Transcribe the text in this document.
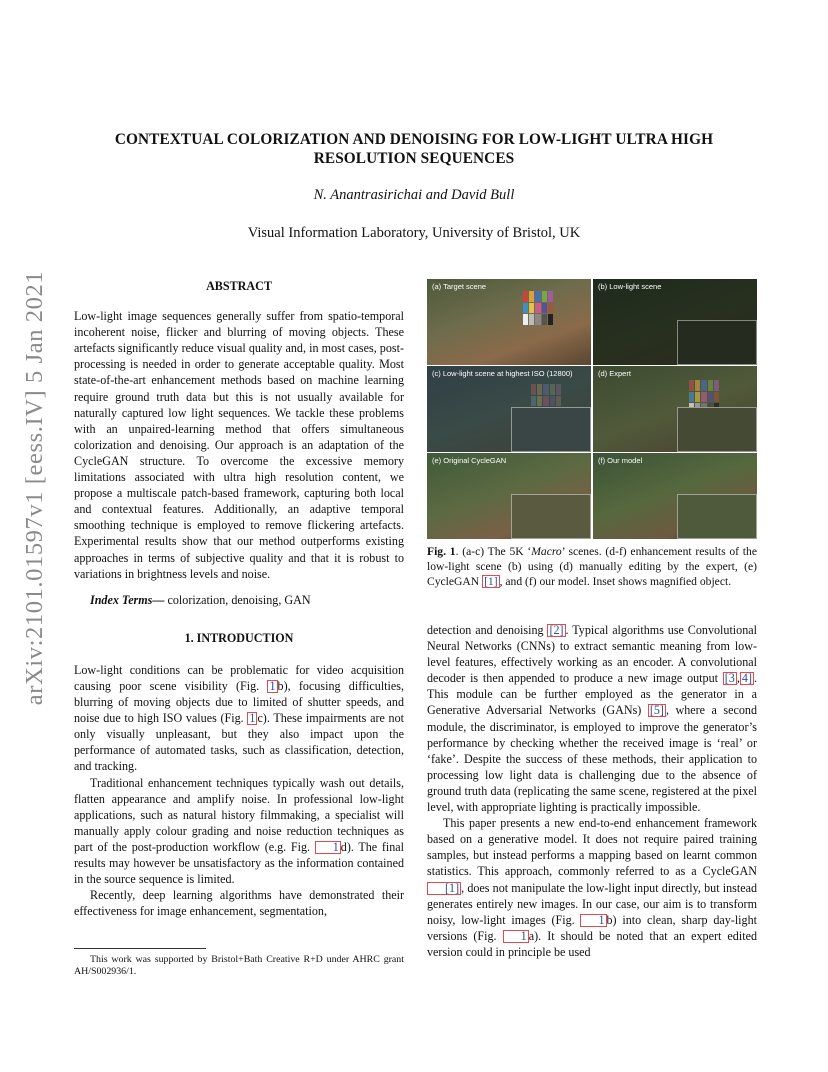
arXiv:2101.01597v1 [eess.IV] 5 Jan 2021
CONTEXTUAL COLORIZATION AND DENOISING FOR LOW-LIGHT ULTRA HIGH
RESOLUTION SEQUENCES
N. Anantrasirichai and David Bull
Visual Information Laboratory, University of Bristol, UK

ABSTRACT

Low-light image sequences generally suffer from spatio-temporal incoherent noise, flicker and blurring of moving objects. These artefacts significantly reduce visual quality and, in most cases, post-processing is needed in order to generate acceptable quality. Most state-of-the-art enhancement methods based on machine learning require ground truth data but this is not usually available for naturally captured low light sequences. We tackle these problems with an unpaired-learning method that offers simultaneous colorization and denoising. Our approach is an adaptation of the CycleGAN structure. To overcome the excessive memory limitations associated with ultra high resolution content, we propose a multiscale patch-based framework, capturing both local and contextual features. Additionally, an adaptive temporal smoothing technique is employed to remove flickering artefacts. Experimental results show that our method outperforms existing approaches in terms of subjective quality and that it is robust to variations in brightness levels and noise.

Index Terms— colorization, denoising, GAN

1. INTRODUCTION

Low-light conditions can be problematic for video acquisition causing poor scene visibility (Fig. 1 b), focusing difficulties, blurring of moving objects due to limited of shutter speeds, and noise due to high ISO values (Fig. 1 c). These impairments are not only visually unpleasant, but they also impact upon the performance of automated tasks, such as classification, detection, and tracking.

Traditional enhancement techniques typically wash out details, flatten appearance and amplify noise. In professional low-light applications, such as natural history filmmaking, a specialist will manually apply colour grading and noise reduction techniques as part of the post-production workflow (e.g. Fig. 1 d). The final results may however be unsatisfactory as the information contained in the source sequence is limited.

Recently, deep learning algorithms have demonstrated their effectiveness for image enhancement, segmentation,

This work was supported by Bristol+Bath Creative R+D under AHRC grant AH/S002936/1.
(a) Target scene	(b) Low-light scene
(c) Low-light scene at highest ISO (12800)	(d) Expert
(e) Original CycleGAN	(f) Our model
Fig. 1. (a-c) The 5K ‘Macro’ scenes. (d-f) enhancement results of the low-light scene (b) using (d) manually editing by the expert, (e) CycleGAN [1] , and (f) our model. Inset shows magnified object.

detection and denoising [2] . Typical algorithms use Convolutional Neural Networks (CNNs) to extract semantic meaning from low-level features, effectively working as an encoder. A convolutional decoder is then appended to produce a new image output [3 , 4] . This module can be further employed as the generator in a Generative Adversarial Networks (GANs) [5] , where a second module, the discriminator, is employed to improve the generator’s performance by checking whether the received image is ‘real’ or ‘fake’. Despite the success of these methods, their application to processing low light data is challenging due to the absence of ground truth data (replicating the same scene, registered at the pixel level, with appropriate lighting is practically impossible.

This paper presents a new end-to-end enhancement framework based on a generative model. It does not require paired training samples, but instead performs a mapping based on learnt common statistics. This approach, commonly referred to as a CycleGAN [1] , does not manipulate the low-light input directly, but instead generates entirely new images. In our case, our aim is to transform noisy, low-light images (Fig. 1 b) into clean, sharp day-light versions (Fig. 1 a). It should be noted that an expert edited version could in principle be used
